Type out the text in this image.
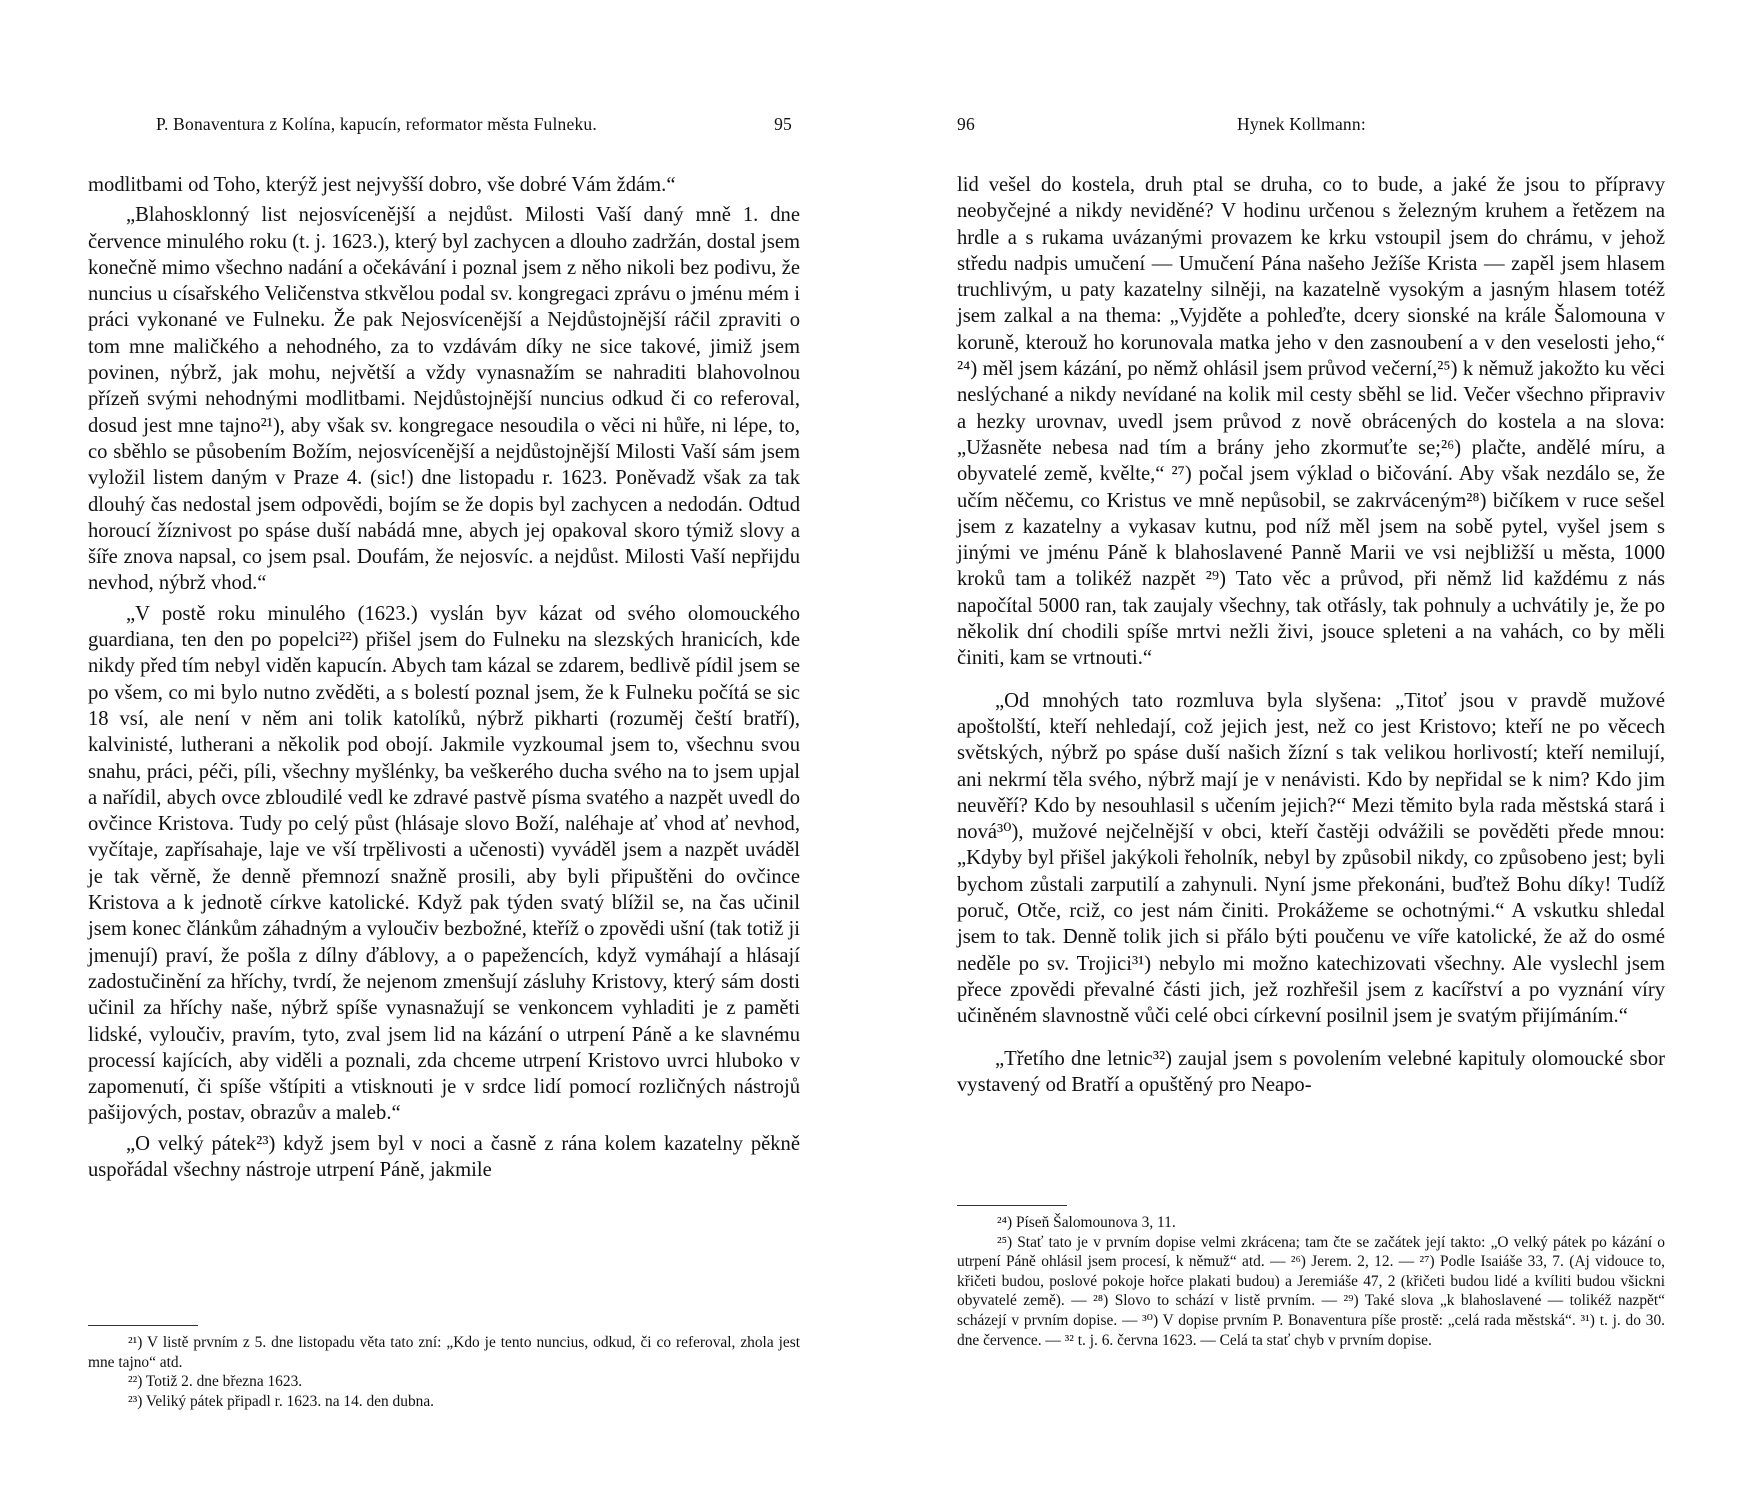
P. Bonaventura z Kolína, kapucín, reformator města Fulneku.	95

modlitbami od Toho, kterýž jest nejvyšší dobro, vše dobré Vám ždám.“

„Blahosklonný list nejosvícenější a nejdůst. Milosti Vaší daný mně 1. dne července minulého roku (t. j. 1623.), který byl zachycen a dlouho zadržán, dostal jsem konečně mimo všechno nadání a očekávání i poznal jsem z něho nikoli bez podivu, že nuncius u císařského Veličenstva stkvělou podal sv. kongregaci zprávu o jménu mém i práci vykonané ve Fulneku. Že pak Nejosvícenější a Nejdůstojnější ráčil zpraviti o tom mne maličkého a nehodného, za to vzdávám díky ne sice takové, jimiž jsem povinen, nýbrž, jak mohu, největší a vždy vynasnažím se nahraditi blahovolnou přízeň svými nehodnými modlitbami. Nejdůstojnější nuncius odkud či co referoval, dosud jest mne tajno²¹), aby však sv. kongregace nesoudila o věci ni hůře, ni lépe, to, co sběhlo se působením Božím, nejosvícenější a nejdůstojnější Milosti Vaší sám jsem vyložil listem daným v Praze 4. (sic!) dne listopadu r. 1623. Poněvadž však za tak dlouhý čas nedostal jsem odpovědi, bojím se že dopis byl zachycen a nedodán. Odtud horoucí žíznivost po spáse duší nabádá mne, abych jej opakoval skoro týmiž slovy a šíře znova napsal, co jsem psal. Doufám, že nejosvíc. a nejdůst. Milosti Vaší nepřijdu nevhod, nýbrž vhod.“

„V postě roku minulého (1623.) vyslán byv kázat od svého olomouckého guardiana, ten den po popelci²²) přišel jsem do Fulneku na slezských hranicích, kde nikdy před tím nebyl viděn kapucín. Abych tam kázal se zdarem, bedlivě pídil jsem se po všem, co mi bylo nutno zvěděti, a s bolestí poznal jsem, že k Fulneku počítá se sic 18 vsí, ale není v něm ani tolik katolíků, nýbrž pikharti (rozuměj čeští bratří), kalvinisté, lutherani a několik pod obojí. Jakmile vyzkoumal jsem to, všechnu svou snahu, práci, péči, píli, všechny myšlénky, ba veškerého ducha svého na to jsem upjal a nařídil, abych ovce zbloudilé vedl ke zdravé pastvě písma svatého a nazpět uvedl do ovčince Kristova. Tudy po celý půst (hlásaje slovo Boží, naléhaje ať vhod ať nevhod, vyčítaje, zapřísahaje, laje ve vší trpělivosti a učenosti) vyváděl jsem a nazpět uváděl je tak věrně, že denně přemnozí snažně prosili, aby byli připuštěni do ovčince Kristova a k jednotě církve katolické. Když pak týden svatý blížil se, na čas učinil jsem konec článkům záhadným a vyloučiv bezbožné, kteříž o zpovědi ušní (tak totiž ji jmenují) praví, že pošla z dílny ďáblovy, a o papežencích, když vymáhají a hlásají zadostučinění za hříchy, tvrdí, že nejenom zmenšují zásluhy Kristovy, který sám dosti učinil za hříchy naše, nýbrž spíše vynasnažují se venkoncem vyhladiti je z paměti lidské, vyloučiv, pravím, tyto, zval jsem lid na kázání o utrpení Páně a ke slavnému processí kajících, aby viděli a poznali, zda chceme utrpení Kristovo uvrci hluboko v zapomenutí, či spíše vštípiti a vtisknouti je v srdce lidí pomocí rozličných nástrojů pašijových, postav, obrazův a maleb.“

„O velký pátek²³) když jsem byl v noci a časně z rána kolem kazatelny pěkně uspořádal všechny nástroje utrpení Páně, jakmile

²¹) V listě prvním z 5. dne listopadu věta tato zní: „Kdo je tento nuncius, odkud, či co referoval, zhola jest mne tajno“ atd.

²²) Totiž 2. dne března 1623.

²³) Veliký pátek připadl r. 1623. na 14. den dubna.

96	Hynek Kollmann:

lid vešel do kostela, druh ptal se druha, co to bude, a jaké že jsou to přípravy neobyčejné a nikdy neviděné? V hodinu určenou s železným kruhem a řetězem na hrdle a s rukama uvázanými provazem ke krku vstoupil jsem do chrámu, v jehož středu nadpis umučení — Umučení Pána našeho Ježíše Krista — zapěl jsem hlasem truchlivým, u paty kazatelny silněji, na kazatelně vysokým a jasným hlasem totéž jsem zalkal a na thema: „Vyjděte a pohleďte, dcery sionské na krále Šalomouna v koruně, kterouž ho korunovala matka jeho v den zasnoubení a v den veselosti jeho,“ ²⁴) měl jsem kázání, po němž ohlásil jsem průvod večerní,²⁵) k němuž jakožto ku věci neslýchané a nikdy nevídané na kolik mil cesty sběhl se lid. Večer všechno připraviv a hezky urovnav, uvedl jsem průvod z nově obrácených do kostela a na slova: „Užasněte nebesa nad tím a brány jeho zkormuťte se;²⁶) plačte, andělé míru, a obyvatelé země, kvělte,“ ²⁷) počal jsem výklad o bičování. Aby však nezdálo se, že učím něčemu, co Kristus ve mně nepůsobil, se zakrváceným²⁸) bičíkem v ruce sešel jsem z kazatelny a vykasav kutnu, pod níž měl jsem na sobě pytel, vyšel jsem s jinými ve jménu Páně k blahoslavené Panně Marii ve vsi nejbližší u města, 1000 kroků tam a tolikéž nazpět ²⁹) Tato věc a průvod, při němž lid každému z nás napočítal 5000 ran, tak zaujaly všechny, tak otřásly, tak pohnuly a uchvátily je, že po několik dní chodili spíše mrtvi nežli živi, jsouce spleteni a na vahách, co by měli činiti, kam se vrtnouti.“

„Od mnohých tato rozmluva byla slyšena: „Titoť jsou v pravdě mužové apoštolští, kteří nehledají, což jejich jest, než co jest Kristovo; kteří ne po věcech světských, nýbrž po spáse duší našich žízní s tak velikou horlivostí; kteří nemilují, ani nekrmí těla svého, nýbrž mají je v nenávisti. Kdo by nepřidal se k nim? Kdo jim neuvěří? Kdo by nesouhlasil s učením jejich?“ Mezi těmito byla rada městská stará i nová³⁰), mužové nejčelnější v obci, kteří častěji odvážili se pověděti přede mnou: „Kdyby byl přišel jakýkoli řeholník, nebyl by způsobil nikdy, co způsobeno jest; byli bychom zůstali zarputilí a zahynuli. Nyní jsme překonáni, buďtež Bohu díky! Tudíž poruč, Otče, rciž, co jest nám činiti. Prokážeme se ochotnými.“ A vskutku shledal jsem to tak. Denně tolik jich si přálo býti poučenu ve víře katolické, že až do osmé neděle po sv. Trojici³¹) nebylo mi možno katechizovati všechny. Ale vyslechl jsem přece zpovědi převalné části jich, jež rozhřešil jsem z kacířství a po vyznání víry učiněném slavnostně vůči celé obci církevní posilnil jsem je svatým přijímáním.“

„Třetího dne letnic³²) zaujal jsem s povolením velebné kapituly olomoucké sbor vystavený od Bratří a opuštěný pro Neapo-

²⁴) Píseň Šalomounova 3, 11.

²⁵) Stať tato je v prvním dopise velmi zkrácena; tam čte se začátek její takto: „O velký pátek po kázání o utrpení Páně ohlásil jsem procesí, k němuž“ atd. — ²⁶) Jerem. 2, 12. — ²⁷) Podle Isaiáše 33, 7. (Aj vidouce to, křičeti budou, poslové pokoje hořce plakati budou) a Jeremiáše 47, 2 (křičeti budou lidé a kvíliti budou všickni obyvatelé země). — ²⁸) Slovo to schází v listě prvním. — ²⁹) Také slova „k blahoslavené — tolikéž nazpět“ scházejí v prvním dopise. — ³⁰) V dopise prvním P. Bonaventura píše prostě: „celá rada městská“. ³¹) t. j. do 30. dne července. — ³² t. j. 6. června 1623. — Celá ta stať chyb v prvním dopise.
